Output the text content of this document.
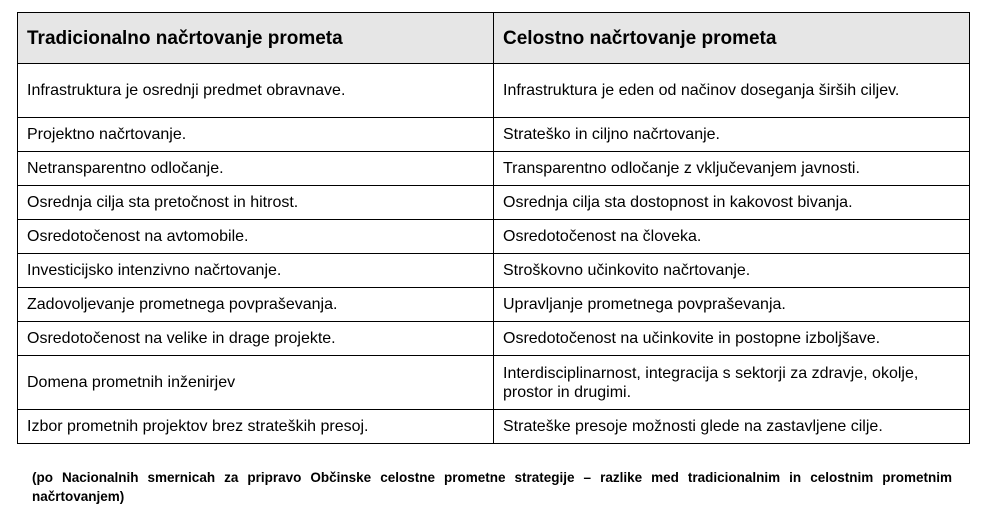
Tradicionalno načrtovanje prometa	Celostno načrtovanje prometa
Infrastruktura je osrednji predmet obravnave.	Infrastruktura je eden od načinov doseganja širših ciljev.
Projektno načrtovanje.	Strateško in ciljno načrtovanje.
Netransparentno odločanje.	Transparentno odločanje z vključevanjem javnosti.
Osrednja cilja sta pretočnost in hitrost.	Osrednja cilja sta dostopnost in kakovost bivanja.
Osredotočenost na avtomobile.	Osredotočenost na človeka.
Investicijsko intenzivno načrtovanje.	Stroškovno učinkovito načrtovanje.
Zadovoljevanje prometnega povpraševanja.	Upravljanje prometnega povpraševanja.
Osredotočenost na velike in drage projekte.	Osredotočenost na učinkovite in postopne izboljšave.
Domena prometnih inženirjev	Interdisciplinarnost, integracija s sektorji za zdravje, okolje, prostor in drugimi.
Izbor prometnih projektov brez strateških presoj.	Strateške presoje možnosti glede na zastavljene cilje.
(po Nacionalnih smernicah za pripravo Občinske celostne prometne strategije – razlike med tradicionalnim in celostnim prometnim načrtovanjem)
